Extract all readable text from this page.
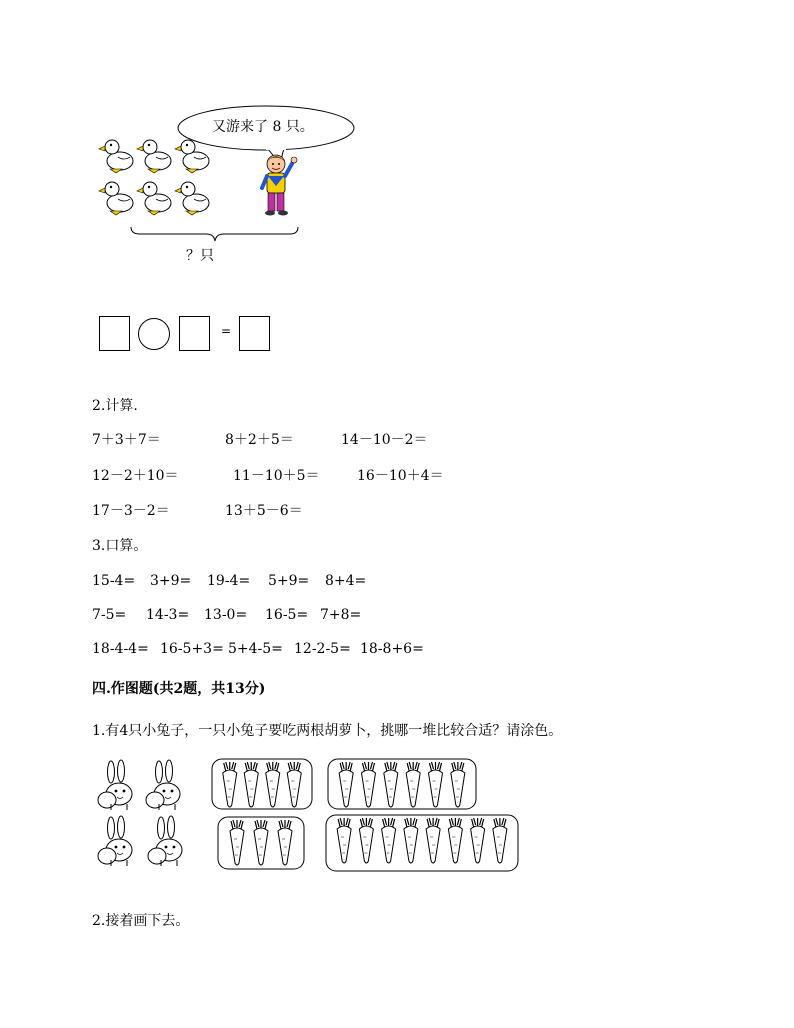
又游来了 8 只。
？只
=
2.计算.
7＋3＋7＝	8＋2＋5＝	14－10－2＝
12－2＋10＝	11－10＋5＝	16－10＋4＝
17－3－2＝	13＋5－6＝
3.口算。
15-4= 3+9= 19-4= 5+9= 8+4=
7-5= 14-3= 13-0= 16-5= 7+8=
18-4-4= 16-5+3= 5+4-5= 12-2-5= 18-8+6=
四.作图题(共2题，共13分)
1.有4只小兔子，一只小兔子要吃两根胡萝卜，挑哪一堆比较合适？请涂色。
2.接着画下去。
